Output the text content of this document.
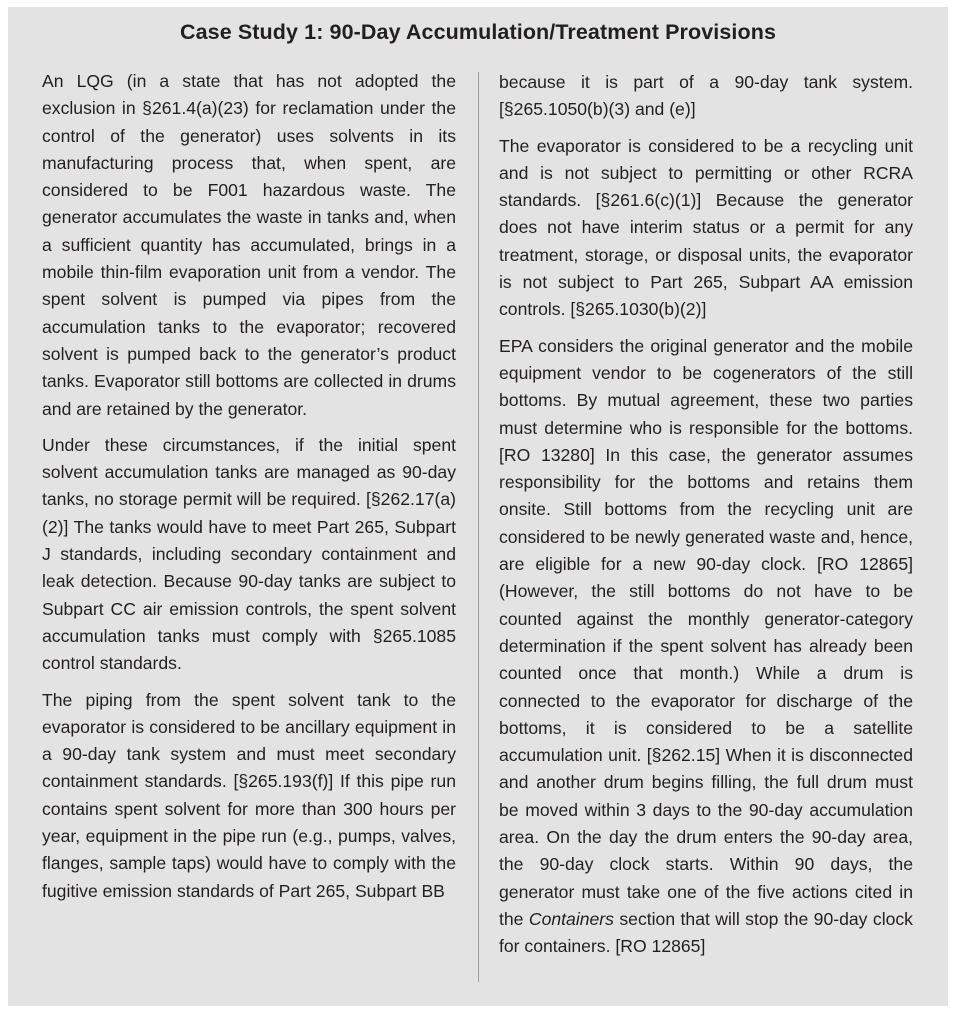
Case Study 1: 90-Day Accumulation/Treatment Provisions

An LQG (in a state that has not adopted the exclusion in §261.4(a)(23) for reclamation under the control of the generator) uses solvents in its manufacturing process that, when spent, are considered to be F001 hazardous waste. The generator accumulates the waste in tanks and, when a sufficient quantity has accumulated, brings in a mobile thin-film evaporation unit from a vendor. The spent solvent is pumped via pipes from the accumulation tanks to the evaporator; recovered solvent is pumped back to the generator’s product tanks. Evaporator still bottoms are collected in drums and are retained by the generator.

Under these circumstances, if the initial spent solvent accumulation tanks are managed as 90-day tanks, no storage permit will be required. [§262.17(a)(2)] The tanks would have to meet Part 265, Subpart J standards, including secondary containment and leak detection. Because 90-day tanks are subject to Subpart CC air emission controls, the spent solvent accumulation tanks must comply with §265.1085 control standards.

The piping from the spent solvent tank to the evaporator is considered to be ancillary equipment in a 90-day tank system and must meet secondary containment standards. [§265.193(f)] If this pipe run contains spent solvent for more than 300 hours per year, equipment in the pipe run (e.g., pumps, valves, flanges, sample taps) would have to comply with the fugitive emission standards of Part 265, Subpart BB

because it is part of a 90-day tank system. [§265.1050(b)(3) and (e)]

The evaporator is considered to be a recycling unit and is not subject to permitting or other RCRA standards. [§261.6(c)(1)] Because the generator does not have interim status or a permit for any treatment, storage, or disposal units, the evaporator is not subject to Part 265, Subpart AA emission controls. [§265.1030(b)(2)]

EPA considers the original generator and the mobile equipment vendor to be cogenerators of the still bottoms. By mutual agreement, these two parties must determine who is responsible for the bottoms. [RO 13280] In this case, the generator assumes responsibility for the bottoms and retains them onsite. Still bottoms from the recycling unit are considered to be newly generated waste and, hence, are eligible for a new 90-day clock. [RO 12865] (However, the still bottoms do not have to be counted against the monthly generator-category determination if the spent solvent has already been counted once that month.) While a drum is connected to the evaporator for discharge of the bottoms, it is considered to be a satellite accumulation unit. [§262.15] When it is disconnected and another drum begins filling, the full drum must be moved within 3 days to the 90-day accumulation area. On the day the drum enters the 90-day area, the 90-day clock starts. Within 90 days, the generator must take one of the five actions cited in the Containers section that will stop the 90-day clock for containers. [RO 12865]
